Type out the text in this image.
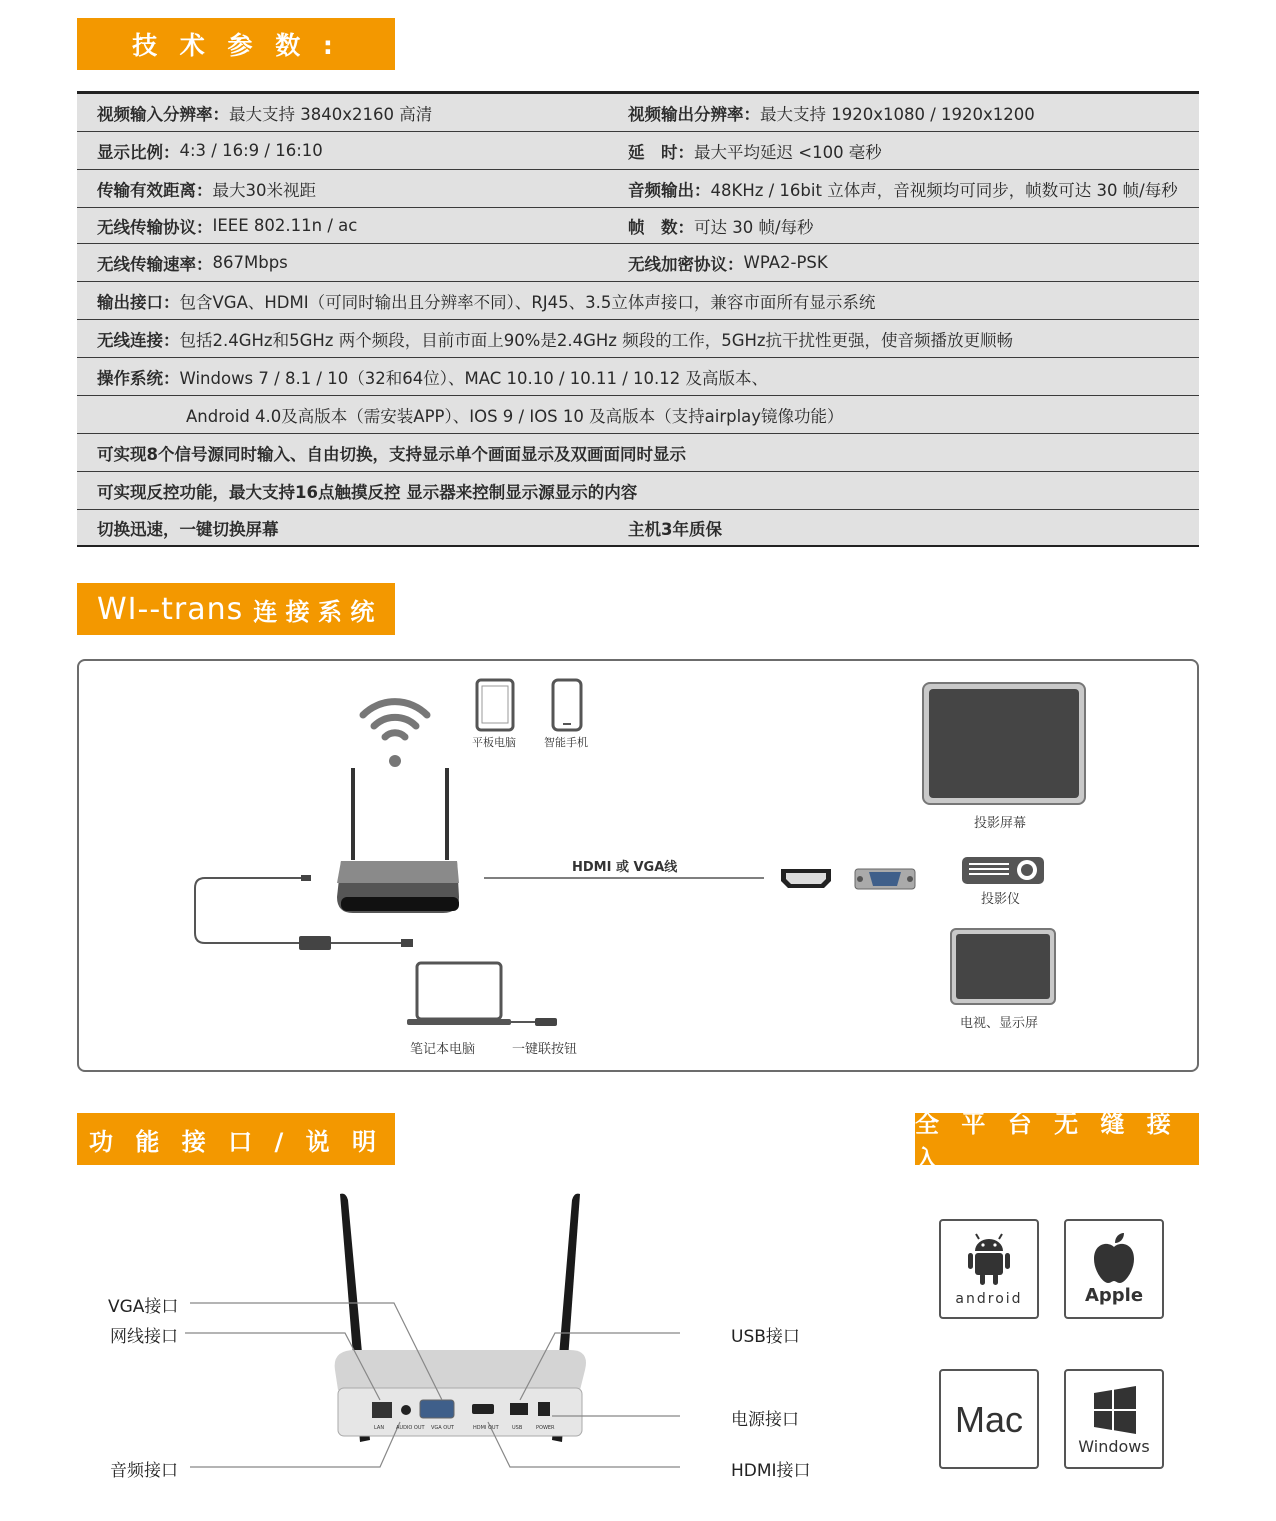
技 术 参 数 :
视频输入分辨率： 最大支持 3840x2160 高清	视频输出分辨率： 最大支持 1920x1080 / 1920x1200
显示比例： 4:3 / 16:9 / 16:10	延　时： 最大平均延迟 <100 毫秒
传输有效距离： 最大30米视距	音频输出： 48KHz / 16bit 立体声，音视频均可同步，帧数可达 30 帧/每秒
无线传输协议： IEEE 802.11n / ac	帧　数： 可达 30 帧/每秒
无线传输速率： 867Mbps	无线加密协议： WPA2-PSK
输出接口： 包含VGA、HDMI（可同时输出且分辨率不同）、RJ45、3.5立体声接口，兼容市面所有显示系统
无线连接： 包括2.4GHz和5GHz 两个频段，目前市面上90%是2.4GHz 频段的工作，5GHz抗干扰性更强，使音频播放更顺畅
操作系统： Windows 7 / 8.1 / 10（32和64位）、MAC 10.10 / 10.11 / 10.12 及高版本、
Android 4.0及高版本（需安装APP）、IOS 9 / IOS 10 及高版本（支持airplay镜像功能）
可实现8个信号源同时输入、自由切换，支持显示单个画面显示及双画面同时显示
可实现反控功能，最大支持16点触摸反控 显示器来控制显示源显示的内容
切换迅速，一键切换屏幕	主机3年质保
WI--trans 连 接 系 统
平板电脑	智能手机
HDMI 或 VGA线
投影屏幕
投影仪
电视、显示屏
笔记本电脑	一键联按钮
功 能 接 口 / 说 明
全 平 台 无 缝 接 入
LAN AUDIO OUT VGA OUT	HDMI OUT	USB	POWER
VGA接口
网线接口
音频接口
USB接口
电源接口
HDMI接口
android	Apple
Mac
Windows
